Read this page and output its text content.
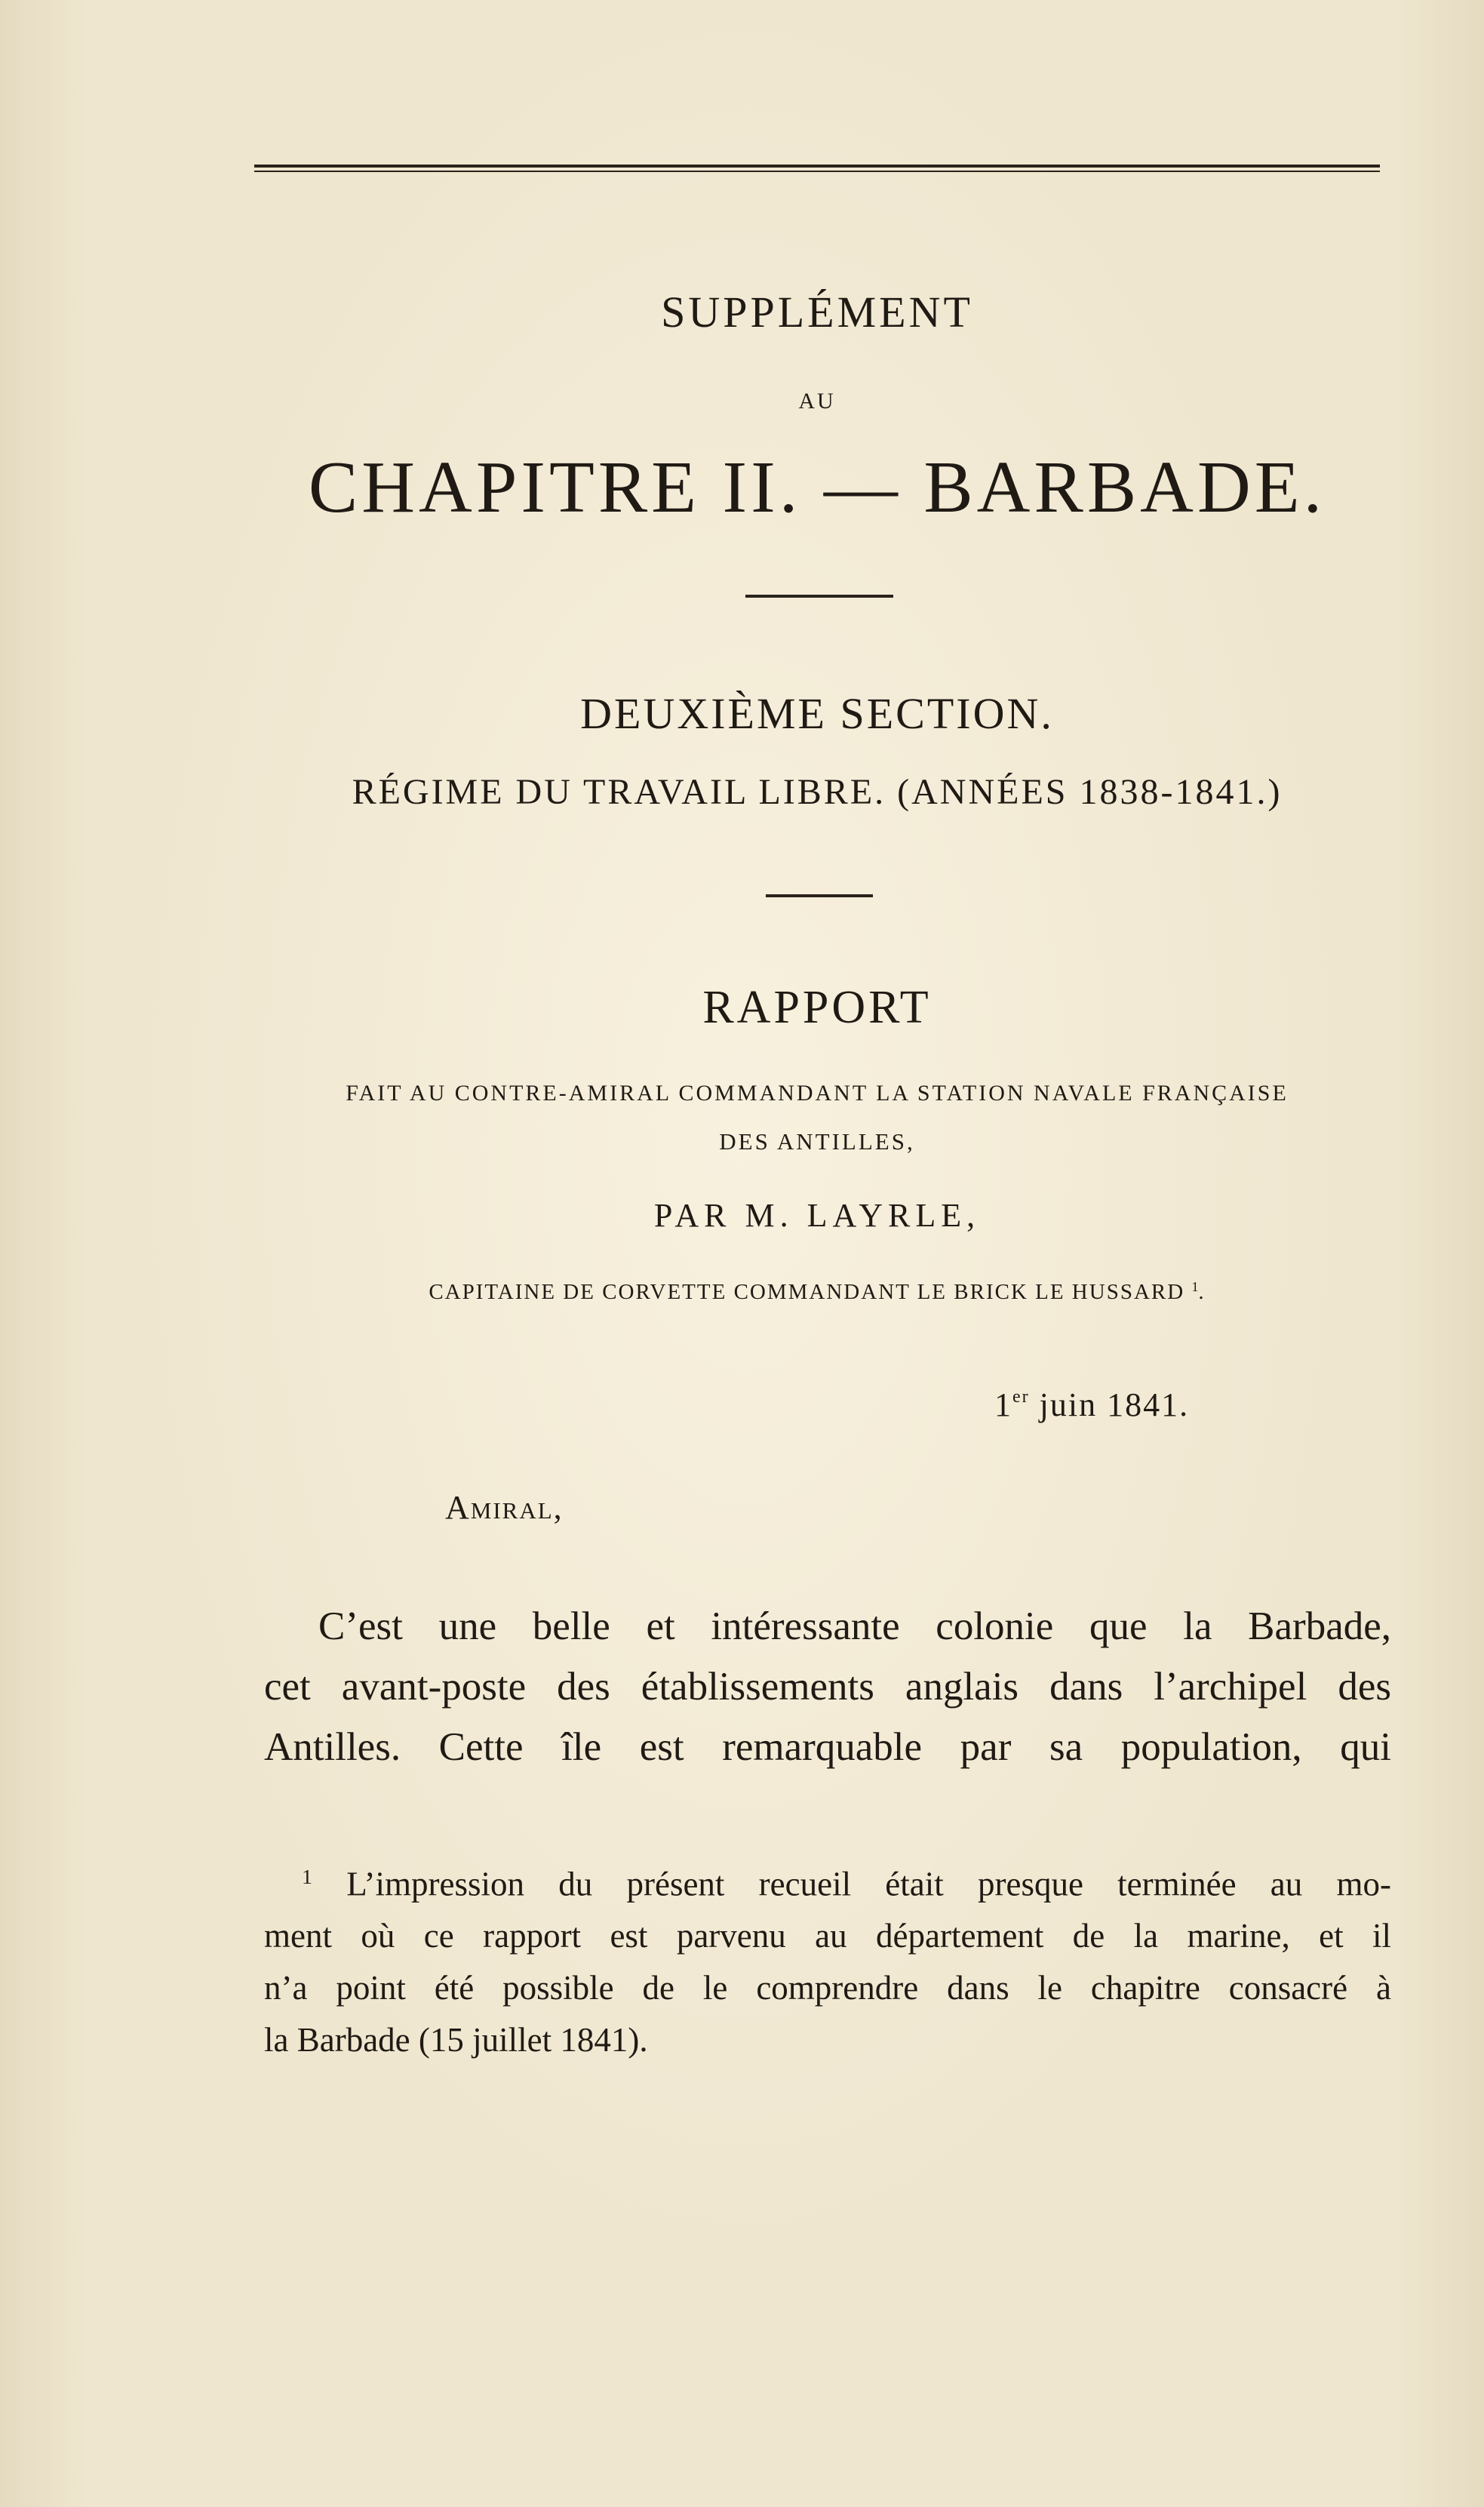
SUPPLÉMENT
AU
CHAPITRE II. — BARBADE.
DEUXIÈME SECTION.
RÉGIME DU TRAVAIL LIBRE. (ANNÉES 1838-1841.)
RAPPORT
FAIT AU CONTRE-AMIRAL COMMANDANT LA STATION NAVALE FRANÇAISE
DES ANTILLES,
PAR M. LAYRLE,
CAPITAINE DE CORVETTE COMMANDANT LE BRICK LE HUSSARD $^1$.
1er juin 1841.
Amiral,
C’est une belle et intéressante colonie que la Barbade,
cet avant-poste des établissements anglais dans l’archipel des
Antilles. Cette île est remarquable par sa population, qui
$^1$ L’impression du présent recueil était presque terminée au mo-
ment où ce rapport est parvenu au département de la marine, et il
n’a point été possible de le comprendre dans le chapitre consacré à
la Barbade (15 juillet 1841).
